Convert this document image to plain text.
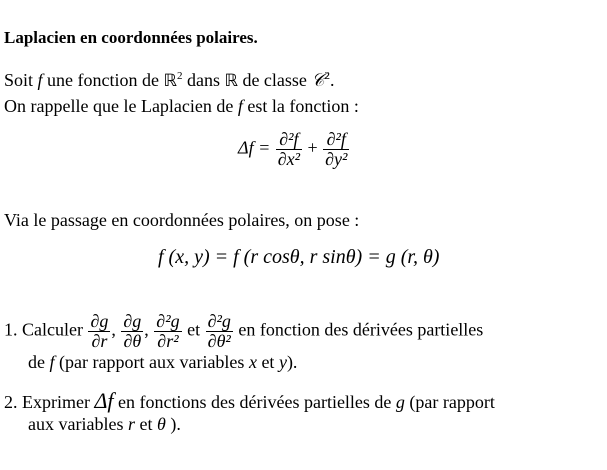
Laplacien en coordonnées polaires.
Soit f une fonction de ℝ$^2$ dans ℝ de classe 𝒞$^2$.
On rappelle que le Laplacien de f est la fonction :
$\Delta f = \frac{\text{∂²f}}{\text{∂x²}} + \frac{\text{∂²f}}{\text{∂y²}}$
Via le passage en coordonnées polaires, on pose :
f (x, y) = f (r cosθ, r sinθ) = g (r, θ)
1. Calculer $\frac{\partial g}{\partial r}$ , $\frac{\partial g}{\partial\theta}$ , $\frac{\text{∂²g}}{\text{∂r²}}$ et $\frac{\text{∂²g}}{\text{∂θ²}}$ en fonction des dérivées partielles
de f (par rapport aux variables x et y).
2. Exprimer Δf en fonctions des dérivées partielles de g (par rapport
aux variables r et θ ).
